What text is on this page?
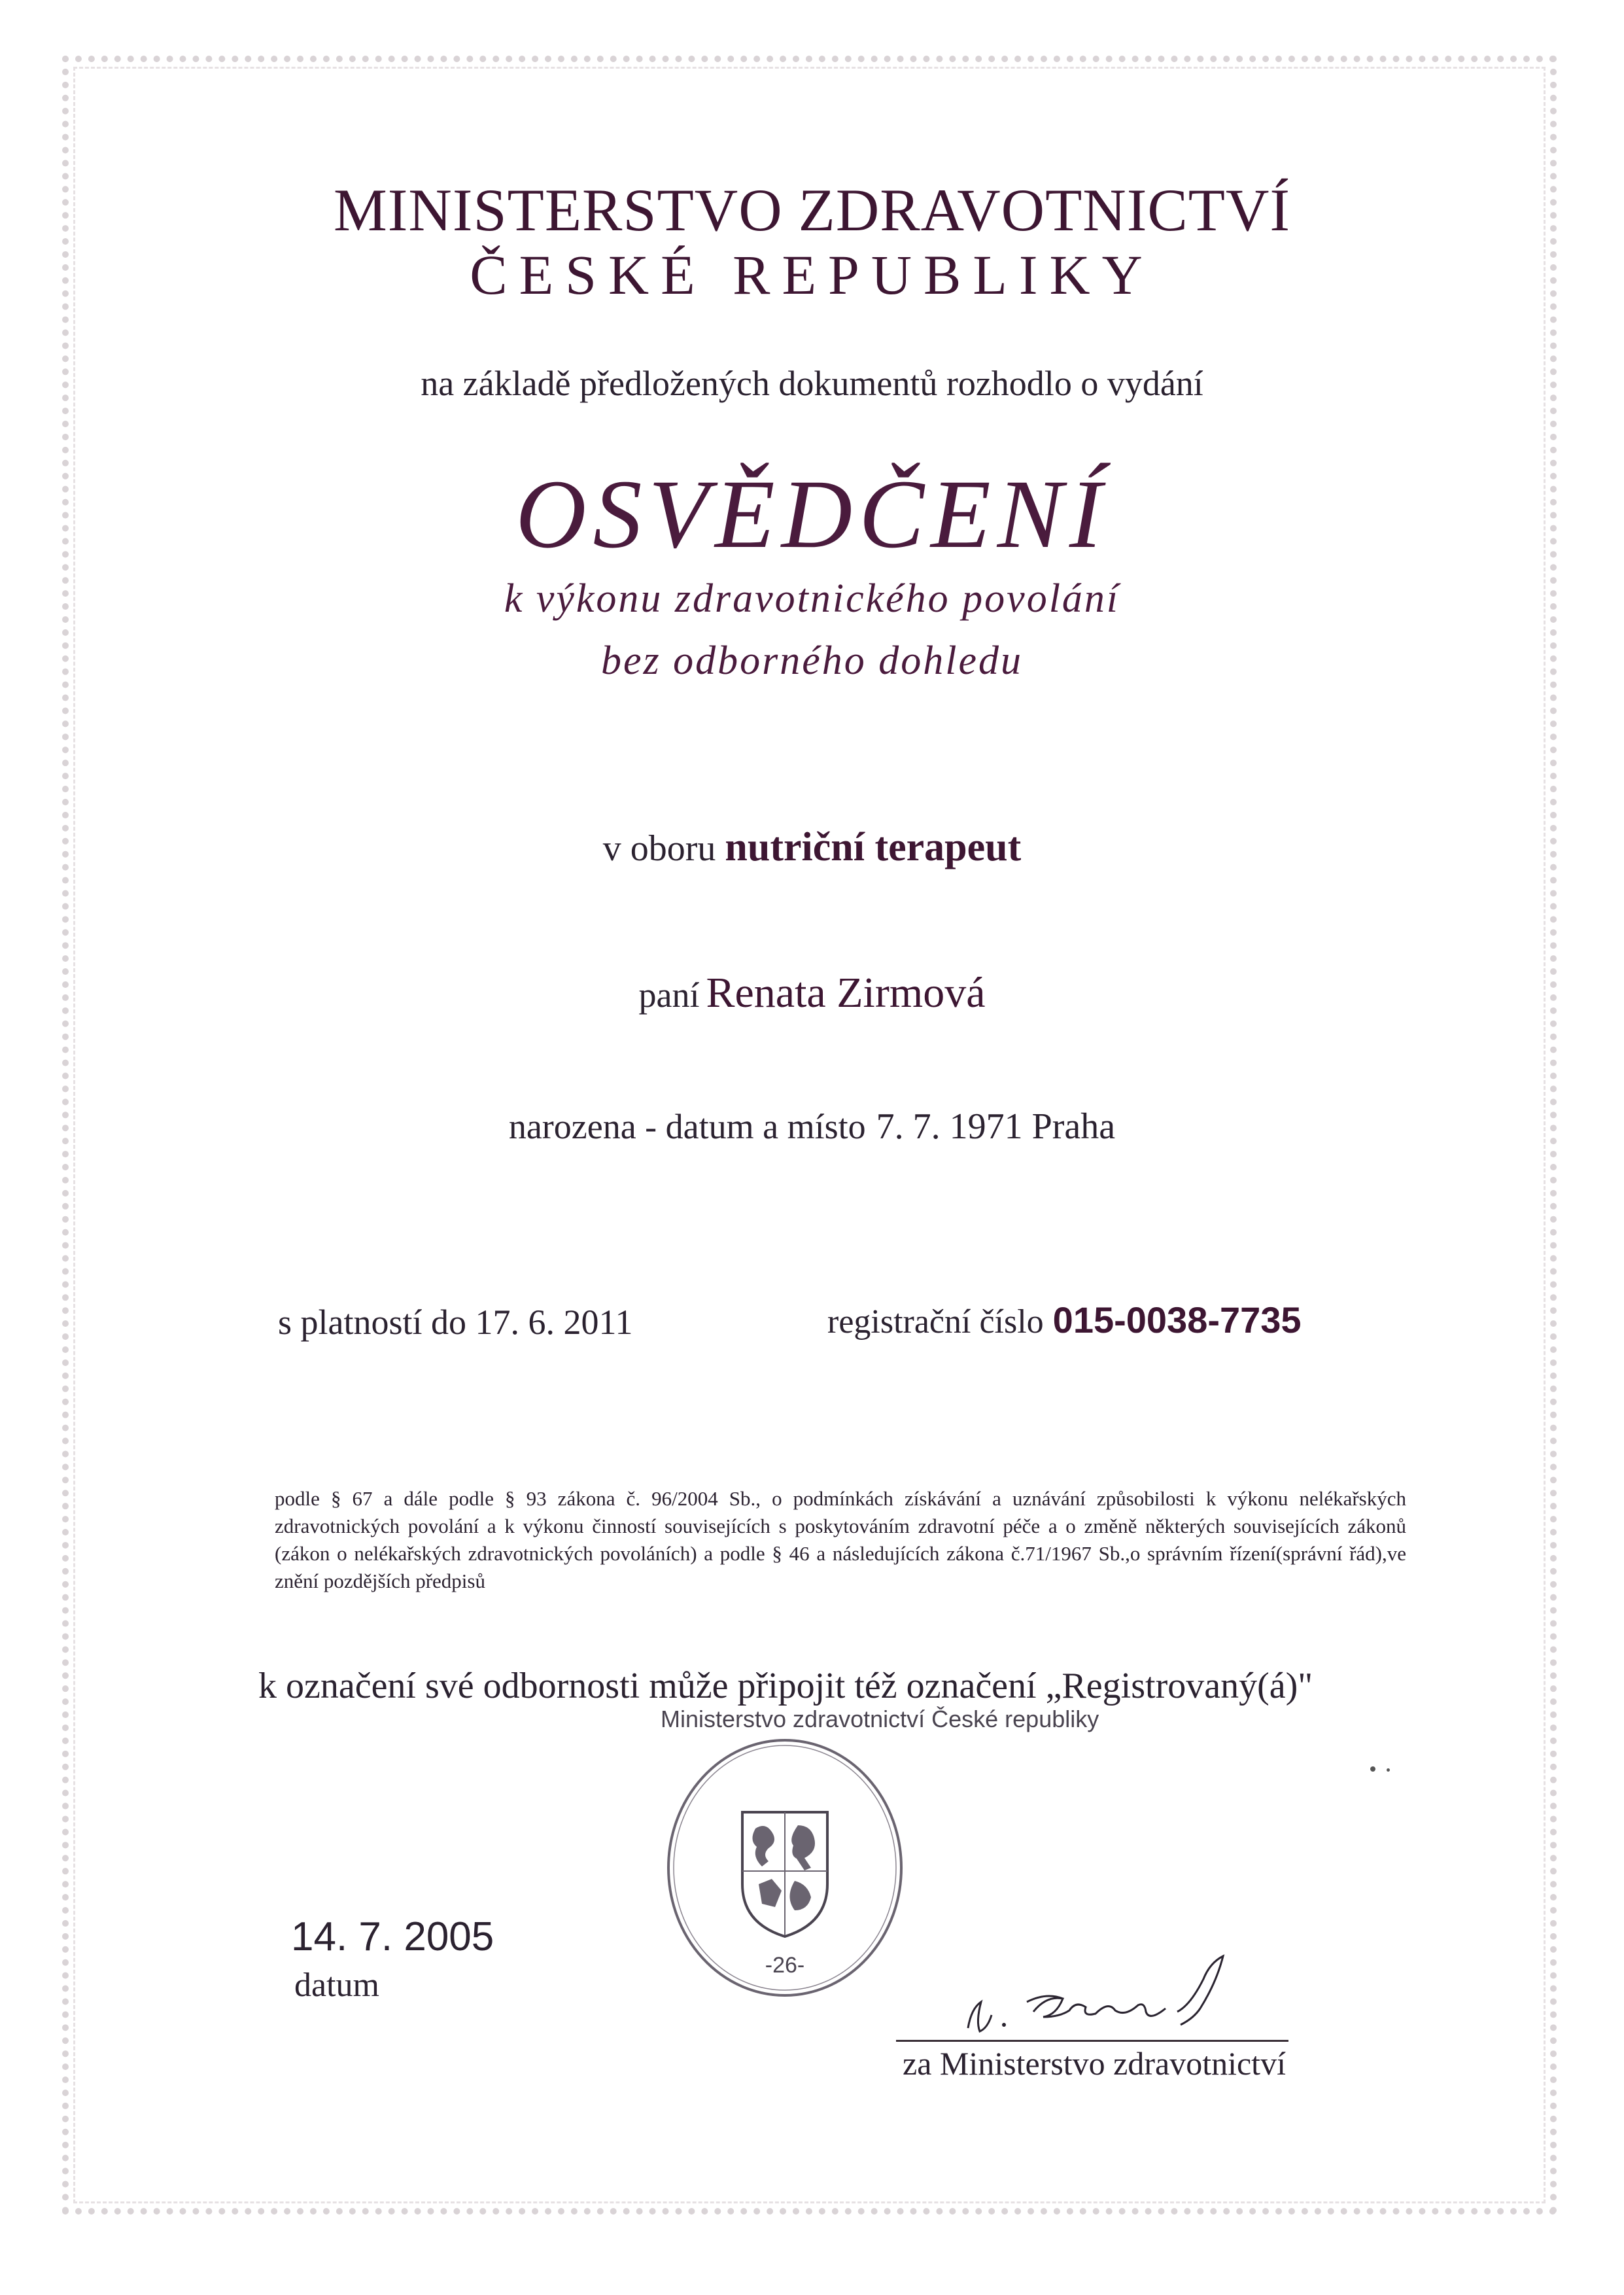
MINISTERSTVO ZDRAVOTNICTVÍ
ČESKÉ REPUBLIKY
na základě předložených dokumentů rozhodlo o vydání
OSVĚDČENÍ
k výkonu zdravotnického povolání
bez odborného dohledu
v oboru nutriční terapeut
paní Renata Zirmová
narozena - datum a místo 7. 7. 1971 Praha
s platností do 17. 6. 2011	registrační číslo 015-0038-7735
podle § 67 a dále podle § 93 zákona č. 96/2004 Sb., o podmínkách získávání a uznávání způsobilosti k výkonu nelékařských zdravotnických povolání a k výkonu činností souvisejících s poskytováním zdravotní péče a o změně některých souvisejících zákonů (zákon o nelékařských zdravotnických povoláních) a podle § 46 a následujících zákona č.71/1967 Sb.,o správním řízení(správní řád),ve znění pozdějších předpisů
k označení své odbornosti může připojit též označení „Registrovaný(á)"
14. 7. 2005
datum
Ministerstvo zdravotnictví České republiky
-26-
za Ministerstvo zdravotnictví
